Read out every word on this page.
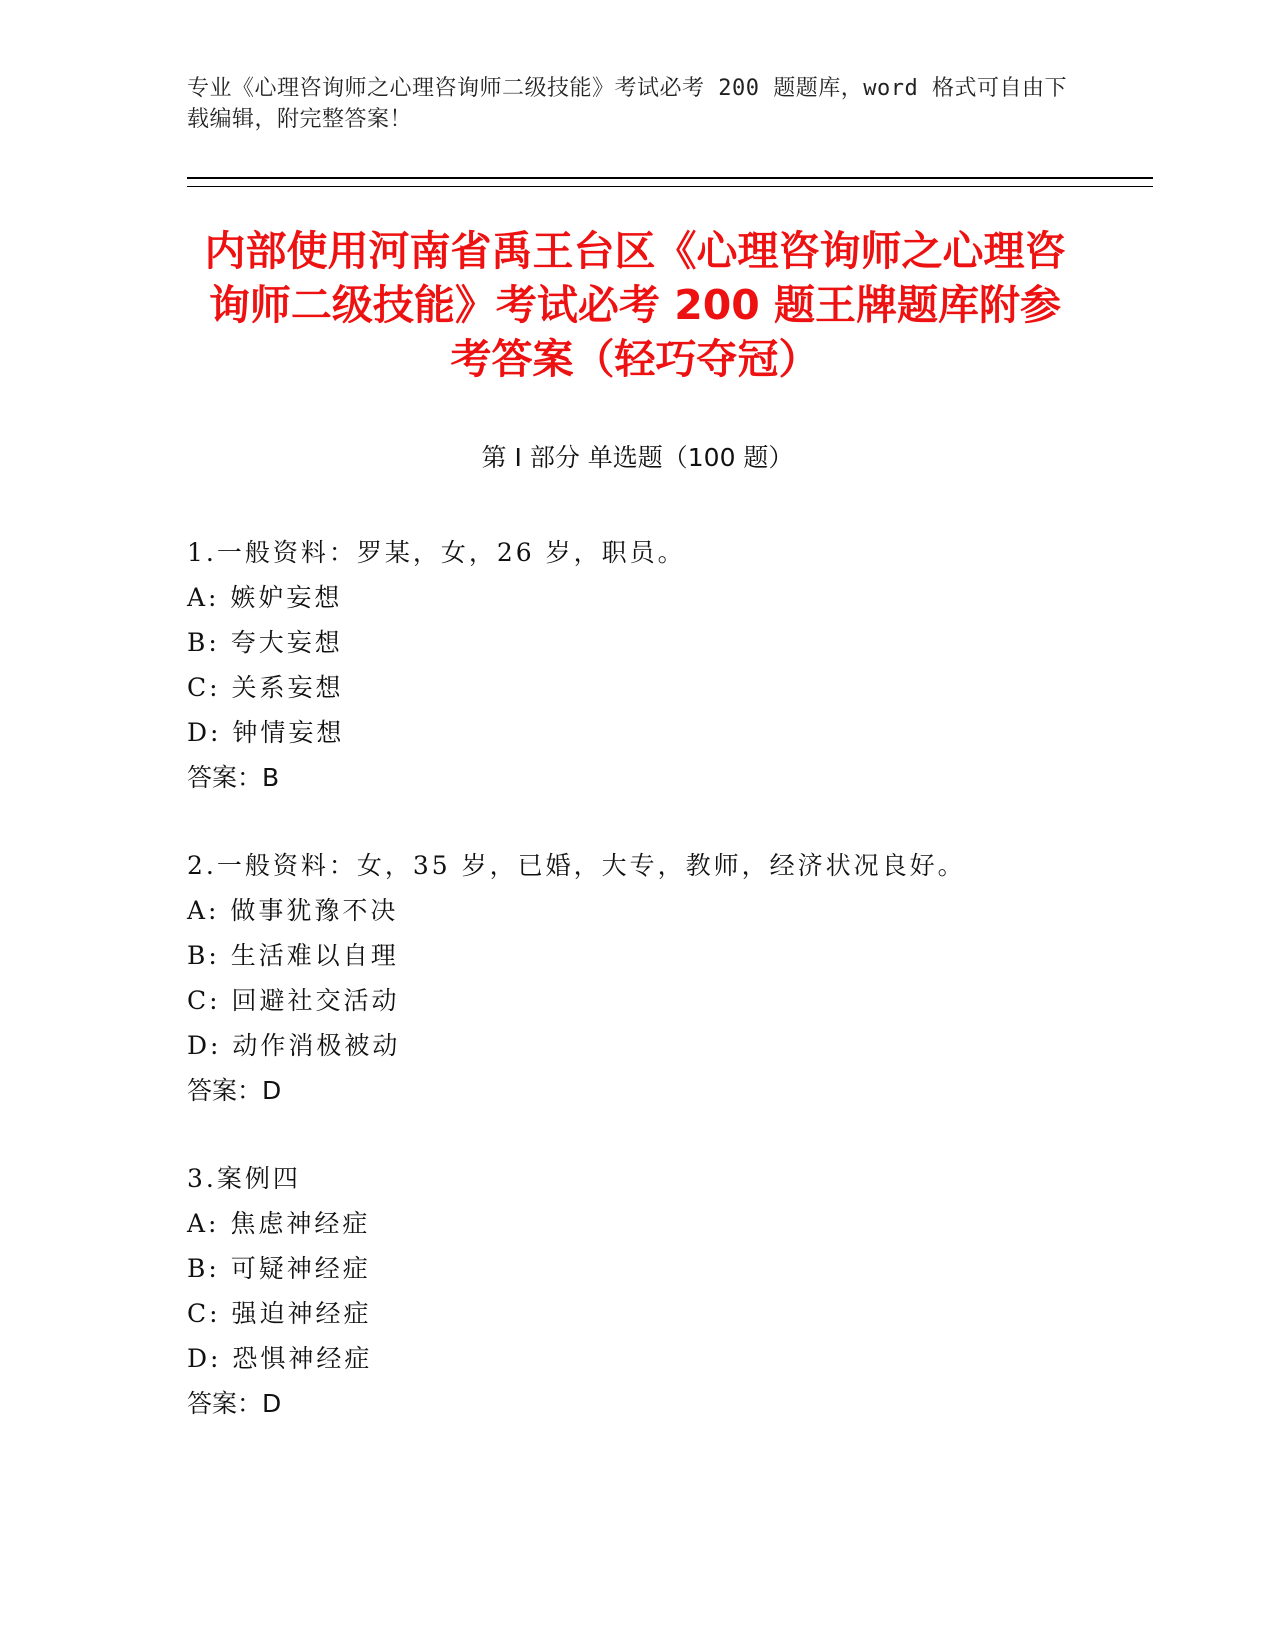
专业《心理咨询师之心理咨询师二级技能》考试必考 200 题题库，word 格式可自由下载编辑，附完整答案！
内部使用河南省禹王台区《心理咨询师之心理咨询师二级技能》考试必考 200 题王牌题库附参考答案（轻巧夺冠）
第 I 部分 单选题（100 题）
1.一般资料：罗某，女，26 岁，职员。
A: 嫉妒妄想
B: 夸大妄想
C: 关系妄想
D: 钟情妄想
答案：B
2.一般资料：女，35 岁，已婚，大专，教师，经济状况良好。
A: 做事犹豫不决
B: 生活难以自理
C: 回避社交活动
D: 动作消极被动
答案：D
3.案例四
A: 焦虑神经症
B: 可疑神经症
C: 强迫神经症
D: 恐惧神经症
答案：D
